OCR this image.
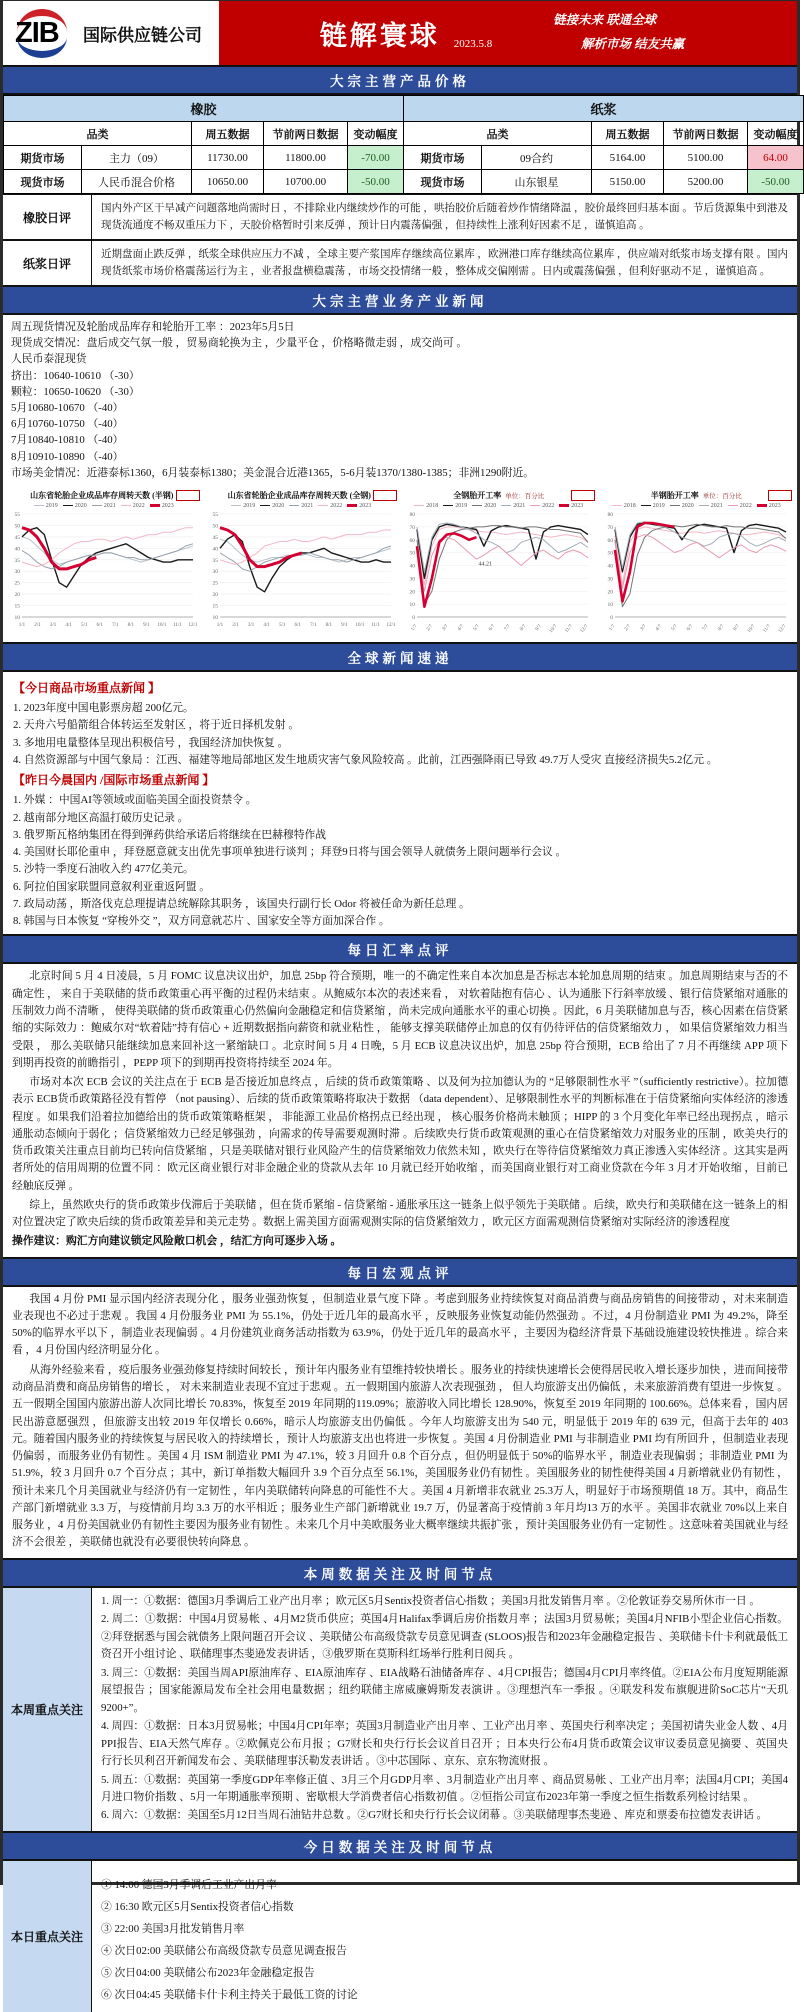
ZIB 国际供应链公司	链解寰球 2023.5.8
链接未来 联通全球
解析市场 结友共赢
大宗主营产品价格
橡胶					纸浆				
品类		周五数据	节前两日数据	变动幅度	品类		周五数据	节前两日数据	变动幅度
期货市场	主力（09）	11730.00	11800.00	-70.00	期货市场	09合约	5164.00	5100.00	64.00
现货市场	人民币混合价格	10650.00	10700.00	-50.00	现货市场	山东银星	5150.00	5200.00	-50.00
橡胶日评
国内外产区干旱减产问题落地尚需时日 ，不排除业内继续炒作的可能 ，哄抬胶价后随着炒作情绪降温 ，胶价最终回归基本面 。节后货源集中到港及现货流通度不畅双重压力下 ，天胶价格暂时引来反弹 ，预计日内震荡偏强 ，但持续性上涨利好因素不足 ，谨慎追高 。
纸浆日评
近期盘面止跌反弹 ，纸浆全球供应压力不减 ，全球主要产浆国库存继续高位累库 ，欧洲港口库存继续高位累库 ，供应端对纸浆市场支撑有限 。国内现货纸浆市场价格震荡运行为主 ，业者报盘横稳震荡 ，市场交投情绪一般 ，整体成交偏刚需 。日内或震荡偏强 ，但利好驱动不足 ，谨慎追高 。
大宗主营业务产业新闻
周五现货情况及轮胎成品库存和轮胎开工率 ：2023年5月5日
现货成交情况：盘后成交气氛一般 ，贸易商轮换为主 ，少量平仓 ，价格略微走弱 ，成交尚可 。
人民币泰混现货
挤出：10640-10610 （-30）
颗粒：10650-10620 （-30）
5月10680-10670 （-40）
6月10760-10750 （-40）
7月10840-10810 （-40）
8月10910-10890 （-40）
市场美金情况：近港泰标1360，6月装泰标1380；美金混合近港1365，5-6月装1370/1380-1385；非洲1290附近。
山东省轮胎企业成品库存周转天数 (半钢)
2019	2020	2021	2022	2023
10
15
20
25
30
35
40
45
50
55
1/1 2/1 3/1 4/1 5/1 6/1 7/1 8/1 9/1 10/1 11/1 12/1
山东省轮胎企业成品库存周转天数 (全钢)
2019	2020	2021	2022	2023
10
15
20
25
30
35
40
45
50
55
1/1 2/1 3/1 4/1 5/1 6/1 7/1 8/1 9/1 10/1 11/1 12/1
全钢胎开工率 单位：百分比
2018	2019	2020	2021	2022	2023
0
10
20
30
40
50
60
70
80
1/7 2/7 3/7 4/7 5/7 6/7 7/7 8/7 9/7 10/7 11/7 12/7
44.21
半钢胎开工率 单位：百分比
2018	2019	2020	2021	2022	2023
0
10
20
30
40
50
60
70
80
1/7 2/7 3/7 4/7 5/7 6/7 7/7 8/7 9/7 10/7 11/7 12/7
全球新闻速递
【今日商品市场重点新闻 】
1. 2023年度中国电影票房超 200亿元。
2. 天舟六号船箭组合体转运至发射区 ，将于近日择机发射 。
3. 多地用电量整体呈现出积极信号 ，我国经济加快恢复 。
4. 自然资源部与中国气象局 ：江西、福建等地局部地区发生地质灾害气象风险较高 。此前，江西强降雨已导致 49.7万人受灾 直接经济损失5.2亿元 。
【昨日今晨国内 /国际市场重点新闻 】
1. 外媒 ：中国AI等领域或面临美国全面投资禁令 。
2. 越南部分地区高温打破历史记录 。
3. 俄罗斯瓦格纳集团在得到弹药供给承诺后将继续在巴赫穆特作战
4. 美国财长耶伦重申 ，拜登愿意就支出优先事项单独进行谈判 ；拜登9日将与国会领导人就债务上限问题举行会议 。
5. 沙特一季度石油收入约 477亿美元。
6. 阿拉伯国家联盟同意叙利亚重返阿盟 。
7. 政局动荡 ，斯洛伐克总理提请总统解除其职务 ，该国央行副行长 Odor 将被任命为新任总理 。
8. 韩国与日本恢复 “穿梭外交 ”，双方同意就芯片 、国家安全等方面加深合作 。
每日汇率点评

北京时间 5 月 4 日凌晨，5 月 FOMC 议息决议出炉，加息 25bp 符合预期，唯一的不确定性来自本次加息是否标志本轮加息周期的结束 。加息周期结束与否的不确定性 ， 来自于美联储的货币政策重心再平衡的过程仍未结束 。从鲍威尔本次的表述来看 ， 对软着陆抱有信心 、认为通胀下行斜率放缓 、银行信贷紧缩对通胀的压制效力尚不清晰 ， 使得美联储的货币政策重心仍然偏向金融稳定和信贷紧缩 ，尚未完成向通胀水平的重心切换 。因此，6 月美联储加息与否，核心因素在信贷紧缩的实际效力 ：鲍威尔对“软着陆”持有信心 + 近期数据指向薪资和就业粘性 ， 能够支撑美联储停止加息的仅有仍待评估的信贷紧缩效力 ， 如果信贷紧缩效力相当受限 ， 那么美联储只能继续加息来回补这一紧缩缺口 。北京时间 5 月 4 日晚，5 月 ECB 议息决议出炉，加息 25bp 符合预期，ECB 给出了 7 月不再继续 APP 项下到期再投资的前瞻指引 ，PEPP 项下的到期再投资将持续至 2024 年。

市场对本次 ECB 会议的关注点在于 ECB 是否接近加息终点 ，后续的货币政策策略 、以及何为拉加德认为的 “足够限制性水平 ”（sufficiently restrictive）。拉加德表示 ECB货币政策路径没有暂停 （not pausing）、后续的货币政策策略将取决于数据 （data dependent）、足够限制性水平的判断标准在于信贷紧缩向实体经济的渗透程度 。如果我们沿着拉加德给出的货币政策策略框架 ， 非能源工业品价格拐点已经出现 ， 核心服务价格尚未触顶 ；HIPP 的 3 个月变化年率已经出现拐点 ，暗示通胀动态倾向于弱化 ；信贷紧缩效力已经足够强劲 ，向需求的传导需要观测时滞 。后续欧央行货币政策观测的重心在信贷紧缩效力对服务业的压制 ，欧美央行的货币政策关注重点目前均已转向信贷紧缩 ，只是美联储对银行业风险产生的信贷紧缩效力依然未知 ，欧央行在等待信贷紧缩效力真正渗透入实体经济 。这其实是两者所处的信用周期的位置不同 ：欧元区商业银行对非金融企业的贷款从去年 10 月就已经开始收缩 ，而美国商业银行对工商业贷款在今年 3 月才开始收缩 ，目前已经触底反弹 。

综上，虽然欧央行的货币政策步伐滞后于美联储 ，但在货币紧缩 - 信贷紧缩 - 通胀承压这一链条上似乎领先于美联储 。后续，欧央行和美联储在这一链条上的相对位置决定了欧央后续的货币政策差异和美元走势 。数据上需美国方面需观测实际的信贷紧缩效力 ，欧元区方面需观测信贷紧缩对实际经济的渗透程度

操作建议：购汇方向建议锁定风险敞口机会 ，结汇方向可逐步入场 。

每日宏观点评

我国 4 月份 PMI 显示国内经济表现分化 ，服务业强劲恢复 ，但制造业景气度下降 。考虑到服务业持续恢复对商品消费与商品房销售的间接带动 ，对未来制造业表现也不必过于悲观 。我国 4 月份服务业 PMI 为 55.1%，仍处于近几年的最高水平 ，反映服务业恢复动能仍然强劲 。不过，4 月份制造业 PMI 为 49.2%，降至 50%的临界水平以下 ，制造业表现偏弱 。4 月份建筑业商务活动指数为 63.9%，仍处于近几年的最高水平 ，主要因为稳经济背景下基础设施建设较快推进 。综合来看 ，4 月份国内经济明显分化 。

从海外经验来看 ，疫后服务业强劲修复持续时间较长 ，预计年内服务业有望维持较快增长 。服务业的持续快速增长会使得居民收入增长逐步加快 ，进而间接带动商品消费和商品房销售的增长 ， 对未来制造业表现不宜过于悲观 。五一假期国内旅游人次表现强劲 ， 但人均旅游支出仍偏低 ，未来旅游消费有望进一步恢复 。五一假期全国国内旅游出游人次同比增长 70.83%，恢复至 2019 年同期的119.09%；旅游收入同比增长 128.90%，恢复至 2019 年同期的 100.66%。总体来看 ，国内居民出游意愿强烈 ，但旅游支出较 2019 年仅增长 0.66%，暗示人均旅游支出仍偏低 。今年人均旅游支出为 540 元，明显低于 2019 年的 639 元，但高于去年的 403 元。随着国内服务业的持续恢复与居民收入的持续增长 ，预计人均旅游支出也将进一步恢复 。美国 4 月份制造业 PMI 与非制造业 PMI 均有所回升 ，但制造业表现仍偏弱 ，而服务业仍有韧性 。美国 4 月 ISM 制造业 PMI 为 47.1%，较 3 月回升 0.8 个百分点 ，但仍明显低于 50%的临界水平 ，制造业表现偏弱 ；非制造业 PMI 为 51.9%，较 3 月回升 0.7 个百分点 ；其中，新订单指数大幅回升 3.9 个百分点至 56.1%，美国服务业仍有韧性 。美国服务业的韧性使得美国 4 月新增就业仍有韧性 ，预计未来几个月美国就业与经济仍有一定韧性 ，年内美联储转向降息的可能性不大 。美国 4 月新增非农就业 25.3万人，明显好于市场预期值 18 万。其中，商品生产部门新增就业 3.3 万，与疫情前月均 3.3 万的水平相近 ；服务业生产部门新增就业 19.7 万，仍显著高于疫情前 3 年月均13 万的水平 。美国非农就业 70%以上来自服务业 ，4 月份美国就业仍有韧性主要因为服务业有韧性 。未来几个月中美欧服务业大概率继续共振扩张 ，预计美国服务业仍有一定韧性 。这意味着美国就业与经济不会很差 ，美联储也就没有必要很快转向降息 。

本周数据关注及时间节点
本周重点关注
1. 周一：①数据：德国3月季调后工业产出月率 ；欧元区5月Sentix投资者信心指数 ；美国3月批发销售月率 。②伦敦证券交易所休市一日 。
2. 周二：①数据：中国4月贸易帐 、4月M2货币供应；英国4月Halifax季调后房价指数月率 ；法国3月贸易帐；美国4月NFIB小型企业信心指数。②拜登据悉与国会就债务上限问题召开会议 、美联储公布高级贷款专员意见调查 (SLOOS)报告和2023年金融稳定报告 、美联储卡什卡利就最低工资召开小组讨论 、联储理事杰斐逊发表讲话 ，③俄罗斯在莫斯科红场举行胜利日阅兵 。
3. 周三：①数据：美国当周API原油库存 、EIA原油库存 、EIA战略石油储备库存 、4月CPI报告；德国4月CPI月率终值。②EIA公布月度短期能源展望报告 ；国家能源局发布全社会用电量数据 ；纽约联储主席威廉姆斯发表演讲 。③理想汽车一季报 。④联发科发布旗舰进阶SoC芯片“天玑9200+”。
4. 周四：①数据：日本3月贸易帐；中国4月CPI年率；英国3月制造业产出月率 、工业产出月率 、英国央行利率决定 ；美国初请失业金人数 、4月PPI报告、EIA天然气库存 。②欧佩克公布月报 ；G7财长和央行行长会议首日召开 ；日本央行公布4月货币政策会议审议委员意见摘要 、英国央行行长贝利召开新闻发布会 、美联储理事沃勒发表讲话 。③中芯国际 、京东、京东物流财报 。
5. 周五：①数据：英国第一季度GDP年率修正值 、3月三个月GDP月率 、3月制造业产出月率 、商品贸易帐 、工业产出月率；法国4月CPI；美国4月进口物价指数 、5月一年期通胀率预期 、密歇根大学消费者信心指数初值 。②恒指公司宣布2023年第一季度之恒生指数系列检讨结果 。
6. 周六：①数据：美国至5月12日当周石油钻井总数 。②G7财长和央行行长会议闭幕 。③美联储理事杰斐逊 、库克和票委布拉德发表讲话 。
今日数据关注及时间节点
本日重点关注
① 14:00 德国3月季调后工业产出月率
② 16:30 欧元区5月Sentix投资者信心指数
③ 22:00 美国3月批发销售月率
④ 次日02:00 美联储公布高级贷款专员意见调查报告
⑤ 次日04:00 美联储公布2023年金融稳定报告
⑥ 次日04:45 美联储卡什卡利主持关于最低工资的讨论
